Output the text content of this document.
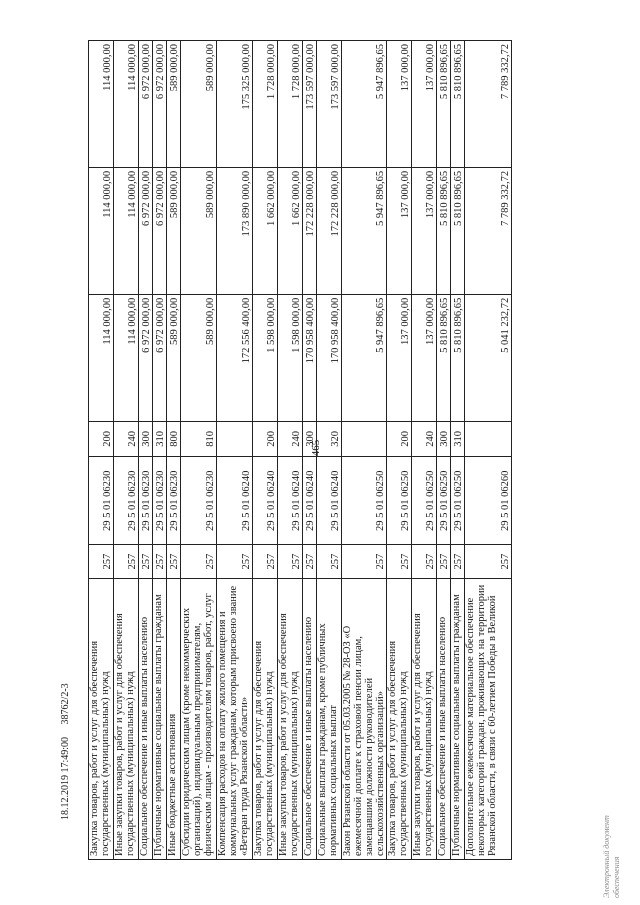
465
Закупка товаров, работ и услуг для обеспечения государственных (муниципальных) нужд	257	29 5 01 06230	200	114 000,00	114 000,00	114 000,00
Иные закупки товаров, работ и услуг для обеспечения государственных (муниципальных) нужд	257	29 5 01 06230	240	114 000,00	114 000,00	114 000,00
Социальное обеспечение и иные выплаты населению	257	29 5 01 06230	300	6 972 000,00	6 972 000,00	6 972 000,00
Публичные нормативные социальные выплаты гражданам	257	29 5 01 06230	310	6 972 000,00	6 972 000,00	6 972 000,00
Иные бюджетные ассигнования	257	29 5 01 06230	800	589 000,00	589 000,00	589 000,00
Субсидии юридическим лицам (кроме некоммерческих организаций), индивидуальным предпринимателям, физическим лицам - производителям товаров, работ, услуг	257	29 5 01 06230	810	589 000,00	589 000,00	589 000,00
Компенсация расходов на оплату жилого помещения и коммунальных услуг гражданам, которым присвоено звание «Ветеран труда Рязанской области»	257	29 5 01 06240		172 556 400,00	173 890 000,00	175 325 000,00
Закупка товаров, работ и услуг для обеспечения государственных (муниципальных) нужд	257	29 5 01 06240	200	1 598 000,00	1 662 000,00	1 728 000,00
Иные закупки товаров, работ и услуг для обеспечения государственных (муниципальных) нужд	257	29 5 01 06240	240	1 598 000,00	1 662 000,00	1 728 000,00
Социальное обеспечение и иные выплаты населению	257	29 5 01 06240	300	170 958 400,00	172 228 000,00	173 597 000,00
Социальные выплаты гражданам, кроме публичных нормативных социальных выплат	257	29 5 01 06240	320	170 958 400,00	172 228 000,00	173 597 000,00
Закон Рязанской области от 05.03.2005 № 28-ОЗ «О ежемесячной доплате к страховой пенсии лицам, замещавшим должности руководителей сельскохозяйственных организаций»	257	29 5 01 06250		5 947 896,65	5 947 896,65	5 947 896,65
Закупка товаров, работ и услуг для обеспечения государственных (муниципальных) нужд	257	29 5 01 06250	200	137 000,00	137 000,00	137 000,00
Иные закупки товаров, работ и услуг для обеспечения государственных (муниципальных) нужд	257	29 5 01 06250	240	137 000,00	137 000,00	137 000,00
Социальное обеспечение и иные выплаты населению	257	29 5 01 06250	300	5 810 896,65	5 810 896,65	5 810 896,65
Публичные нормативные социальные выплаты гражданам	257	29 5 01 06250	310	5 810 896,65	5 810 896,65	5 810 896,65
Дополнительное ежемесячное материальное обеспечение некоторых категорий граждан, проживающих на территории Рязанской области, в связи с 60-летием Победы в Великой	257	29 5 01 06260		5 041 232,72	7 789 332,72	7 789 332,72
18.12.2019 17:49:00     38762/2-3
Электронный документ обеспечения
